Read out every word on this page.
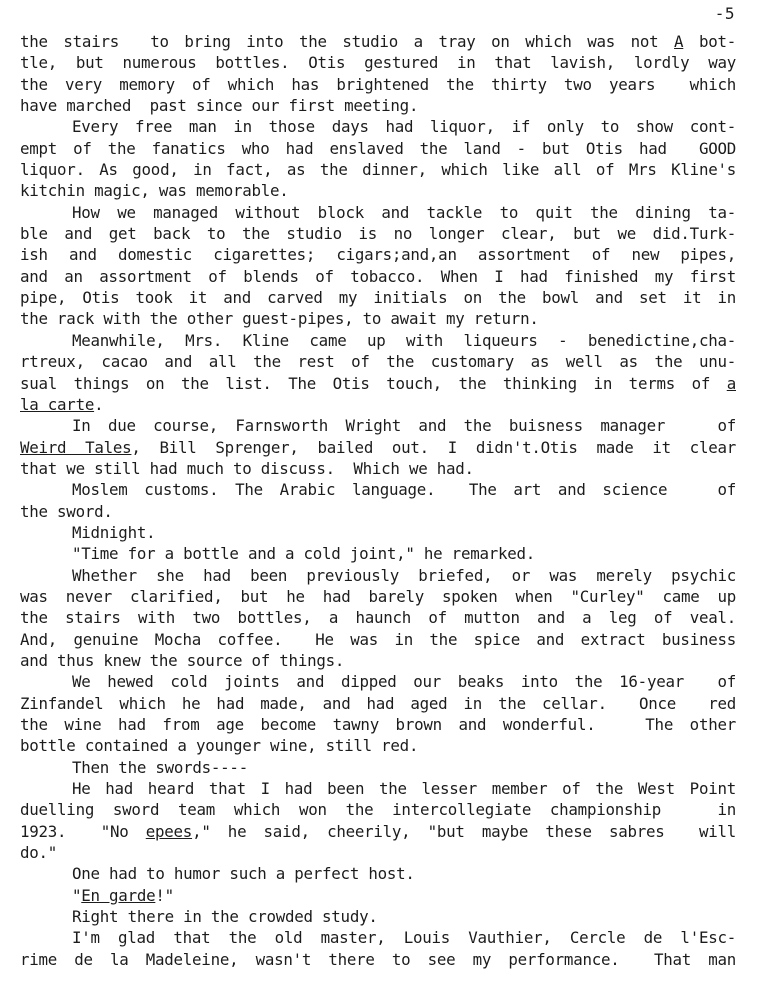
-5
the stairs  to bring into the studio a tray on which was not A bot-
tle, but numerous bottles. Otis gestured in that lavish, lordly way
the very memory of which has brightened the thirty two years  which
have marched  past since our first meeting.
Every free man in those days had liquor, if only to show cont-
empt of the fanatics who had enslaved the land - but Otis had  GOOD
liquor. As good, in fact, as the dinner, which like all of Mrs Kline's
kitchin magic, was memorable.
How we managed without block and tackle to quit the dining ta-
ble and get back to the studio is no longer clear, but we did.Turk-
ish and domestic cigarettes; cigars;and,an assortment of new pipes,
and an assortment of blends of tobacco. When I had finished my first
pipe, Otis took it and carved my initials on the bowl and set it in
the rack with the other guest-pipes, to await my return.
Meanwhile, Mrs. Kline came up with liqueurs - benedictine,cha-
rtreux, cacao and all the rest of the customary as well as the unu-
sual things on the list. The Otis touch, the thinking in terms of a
la carte.
In due course, Farnsworth Wright and the buisness manager   of
Weird Tales, Bill Sprenger, bailed out. I didn't.Otis made it clear
that we still had much to discuss.  Which we had.
Moslem customs. The Arabic language.  The art and science   of
the sword.
Midnight.
"Time for a bottle and a cold joint," he remarked.
Whether she had been previously briefed, or was merely psychic
was never clarified, but he had barely spoken when "Curley" came up
the stairs with two bottles, a haunch of mutton and a leg of veal.
And, genuine Mocha coffee.  He was in the spice and extract business
and thus knew the source of things.
We hewed cold joints and dipped our beaks into the 16-year  of
Zinfandel which he had made, and had aged in the cellar.  Once  red
the wine had from age become tawny brown and wonderful.   The other
bottle contained a younger wine, still red.
Then the swords----
He had heard that I had been the lesser member of the West Point
duelling sword team which won the intercollegiate championship   in
1923.  "No epees," he said, cheerily, "but maybe these sabres  will
do."
One had to humor such a perfect host.
"En garde!"
Right there in the crowded study.
I'm glad that the old master, Louis Vauthier, Cercle de l'Esc-
rime de la Madeleine, wasn't there to see my performance.  That man
